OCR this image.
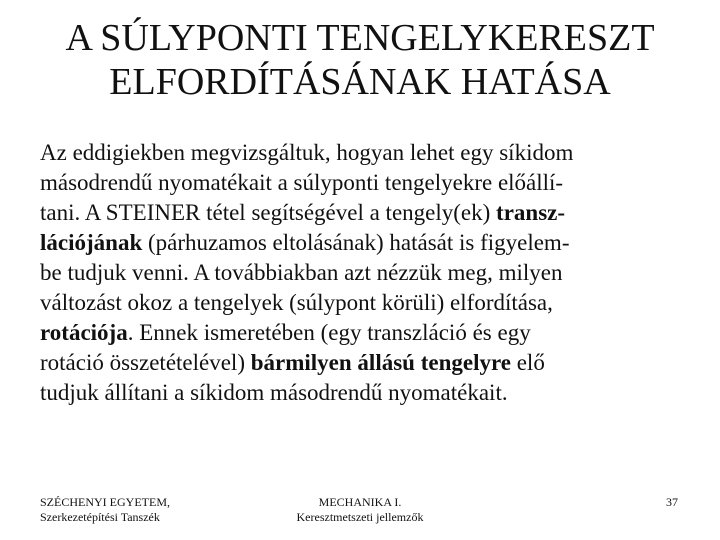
A SÚLYPONTI TENGELYKERESZT
ELFORDÍTÁSÁNAK HATÁSA
Az eddigiekben megvizsgáltuk, hogyan lehet egy síkidom
másodrendű nyomatékait a súlyponti tengelyekre előállí-
tani. A STEINER tétel segítségével a tengely(ek) transz-
lációjának (párhuzamos eltolásának) hatását is figyelem-
be tudjuk venni. A továbbiakban azt nézzük meg, milyen
változást okoz a tengelyek (súlypont körüli) elfordítása,
rotációja. Ennek ismeretében (egy transzláció és egy
rotáció összetételével) bármilyen állású tengelyre elő
tudjuk állítani a síkidom másodrendű nyomatékait.
SZÉCHENYI EGYETEM,
Szerkezetépítési Tanszék
MECHANIKA I.
Keresztmetszeti jellemzők
37
